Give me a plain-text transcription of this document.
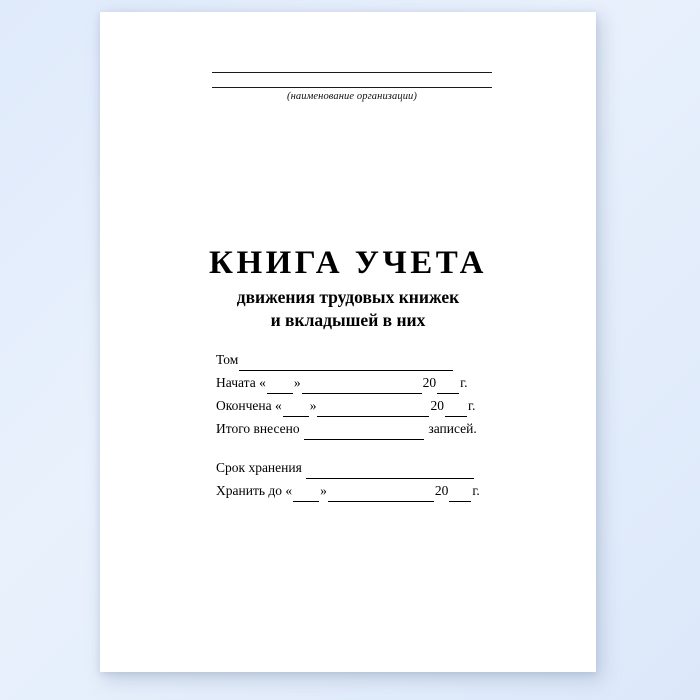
(наименование организации)
КНИГА УЧЕТА
движения трудовых книжек
и вкладышей в них
Том
Начата « »	20 г.
Окончена « »	20 г.
Итого внесено	записей.
Срок хранения
Хранить до « »	20 г.
